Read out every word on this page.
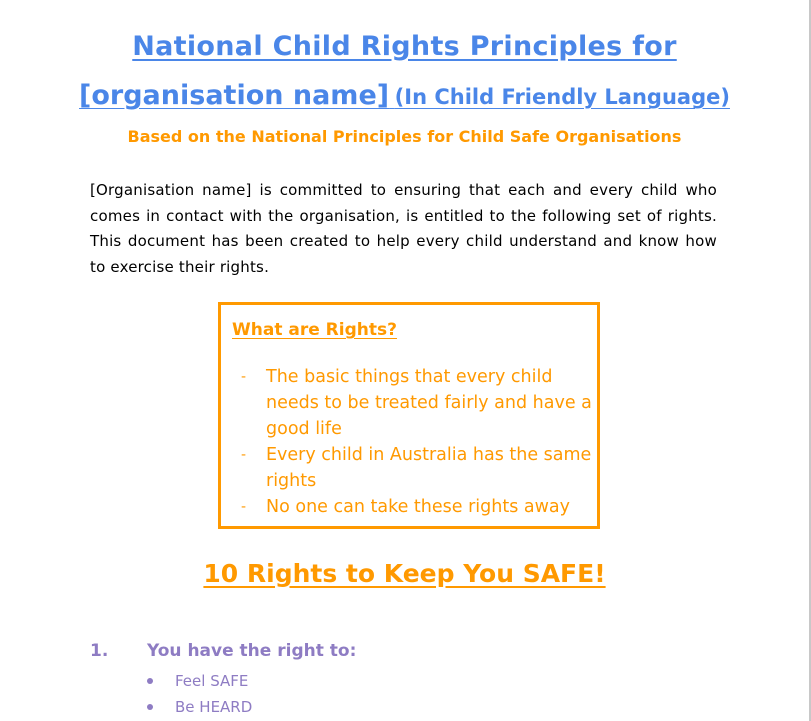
National Child Rights Principles for
[organisation name] (In Child Friendly Language)
Based on the National Principles for Child Safe Organisations
[Organisation name] is committed to ensuring that each and every child who comes in contact with the organisation, is entitled to the following set of rights. This document has been created to help every child understand and know how to exercise their rights.
What are Rights?
- The basic things that every child needs to be treated fairly and have a good life
- Every child in Australia has the same rights
- No one can take these rights away
10 Rights to Keep You SAFE!
1. You have the right to:
Feel SAFE
Be HEARD
